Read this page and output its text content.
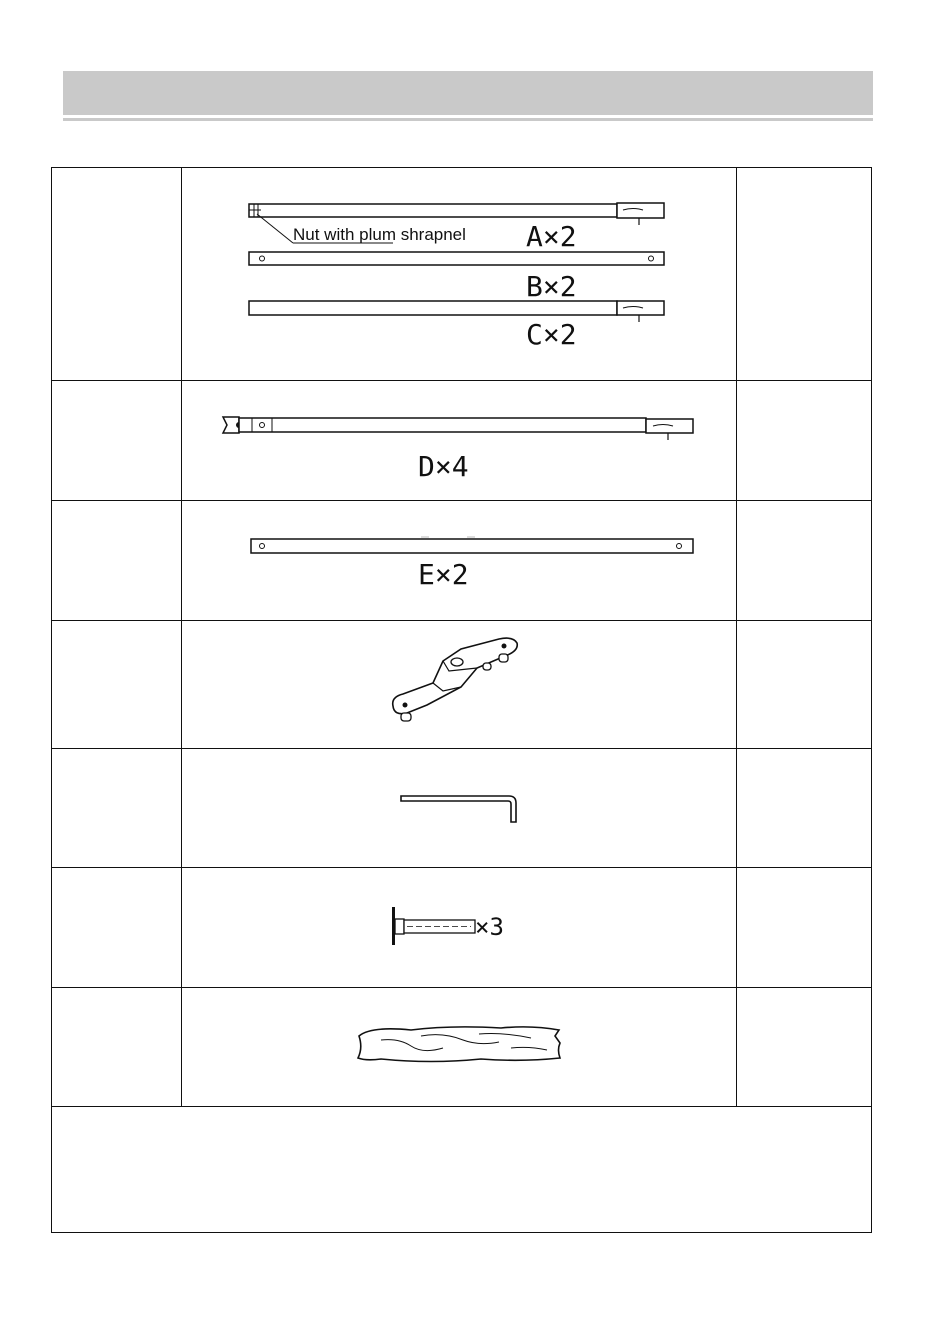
Nut with plum shrapnel A×2
B×2
C×2
D×4
E×2
×3
